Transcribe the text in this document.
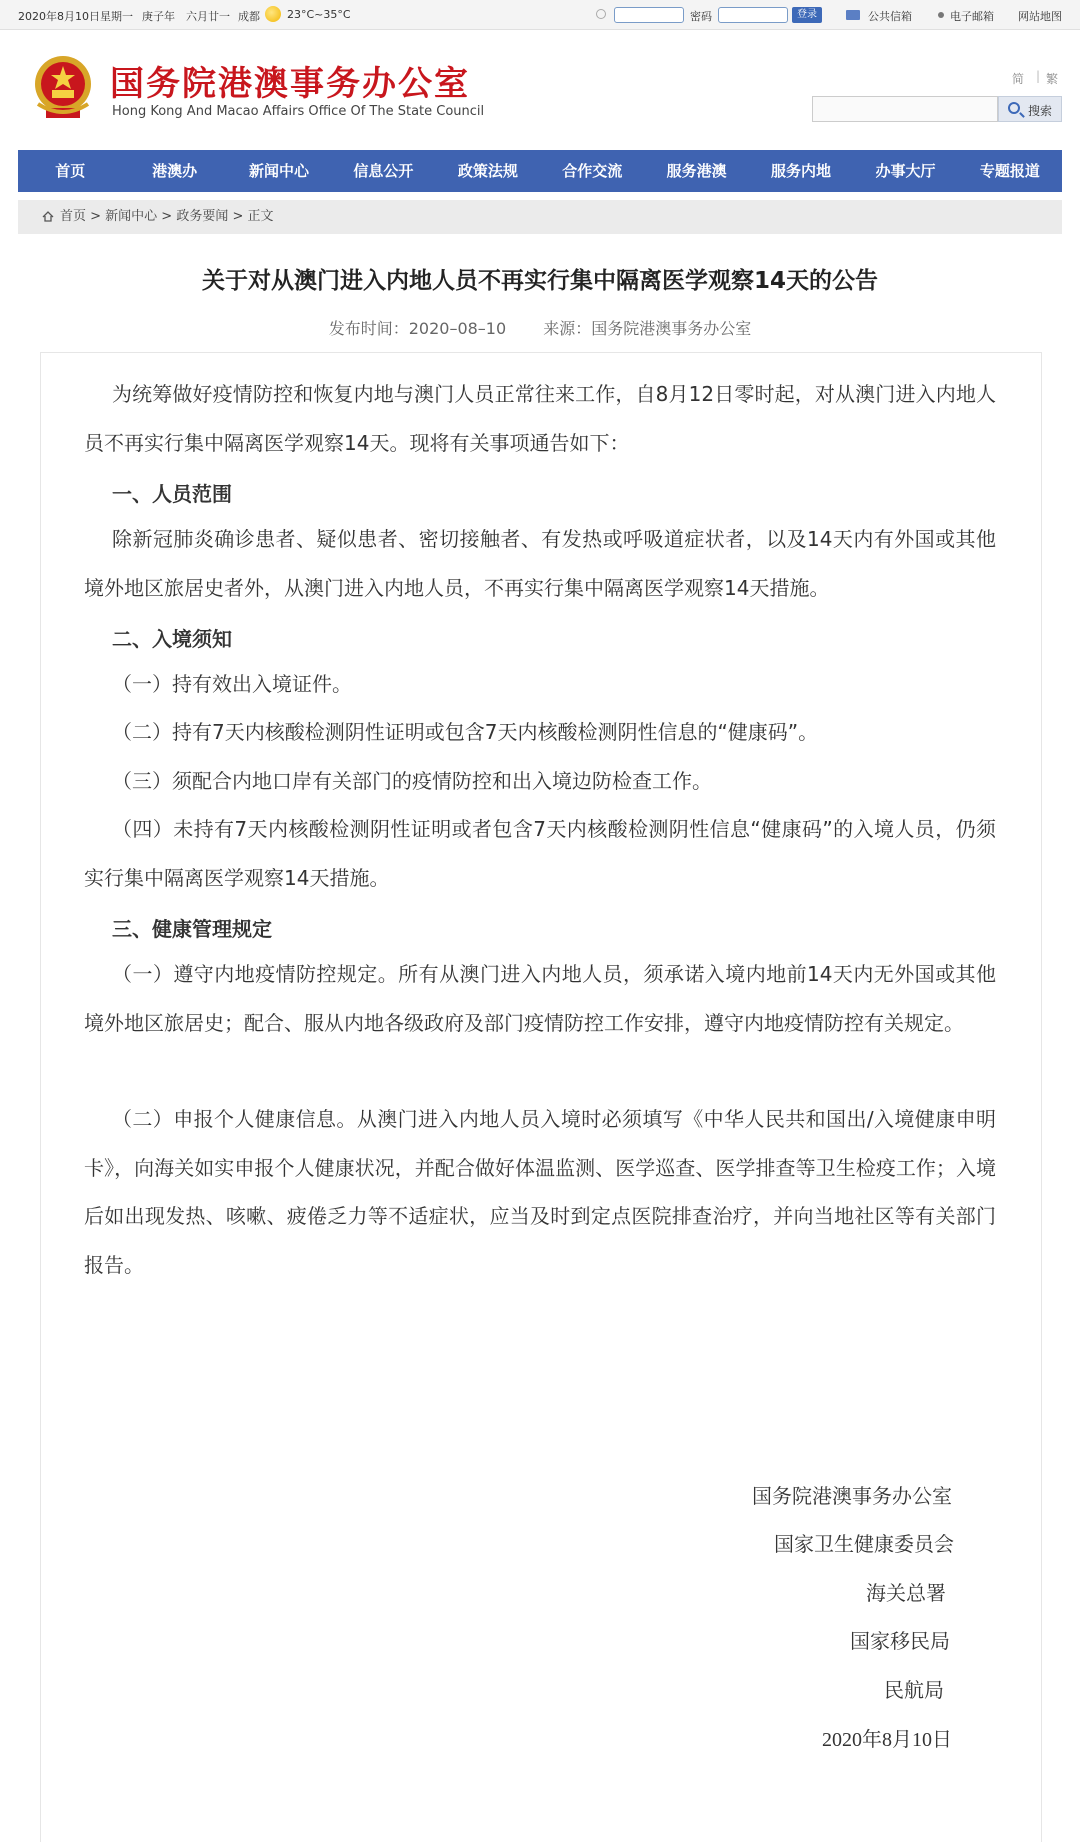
2020年8月10日 星期一 庚子年 六月廿一 成都 23°C~35°C	密码	登录	公共信箱	电子邮箱 网站地图
国务院港澳事务办公室
Hong Kong And Macao Affairs Office Of The State Council
简 | 繁
搜索
首页	港澳办	新闻中心	信息公开	政策法规	合作交流	服务港澳	服务内地	办事大厅	专题报道
首页 > 新闻中心 > 政务要闻 > 正文
关于对从澳门进入内地人员不再实行集中隔离医学观察14天的公告
发布时间：2020–08–10 来源：国务院港澳事务办公室
为统筹做好疫情防控和恢复内地与澳门人员正常往来工作，自8月12日零时起，对从澳门进入内地人员不再实行集中隔离医学观察14天。现将有关事项通告如下：
一、人员范围
除新冠肺炎确诊患者、疑似患者、密切接触者、有发热或呼吸道症状者，以及14天内有外国或其他境外地区旅居史者外，从澳门进入内地人员，不再实行集中隔离医学观察14天措施。
二、入境须知
（一）持有效出入境证件。
（二）持有7天内核酸检测阴性证明或包含7天内核酸检测阴性信息的“健康码”。
（三）须配合内地口岸有关部门的疫情防控和出入境边防检查工作。
（四）未持有7天内核酸检测阴性证明或者包含7天内核酸检测阴性信息“健康码”的入境人员，仍须实行集中隔离医学观察14天措施。
三、健康管理规定
（一）遵守内地疫情防控规定。所有从澳门进入内地人员，须承诺入境内地前14天内无外国或其他境外地区旅居史；配合、服从内地各级政府及部门疫情防控工作安排，遵守内地疫情防控有关规定。
（二）申报个人健康信息。从澳门进入内地人员入境时必须填写《中华人民共和国出/入境健康申明卡》，向海关如实申报个人健康状况，并配合做好体温监测、医学巡查、医学排查等卫生检疫工作；入境后如出现发热、咳嗽、疲倦乏力等不适症状，应当及时到定点医院排查治疗，并向当地社区等有关部门报告。
国务院港澳事务办公室
国家卫生健康委员会
海关总署
国家移民局
民航局
2020年8月10日
